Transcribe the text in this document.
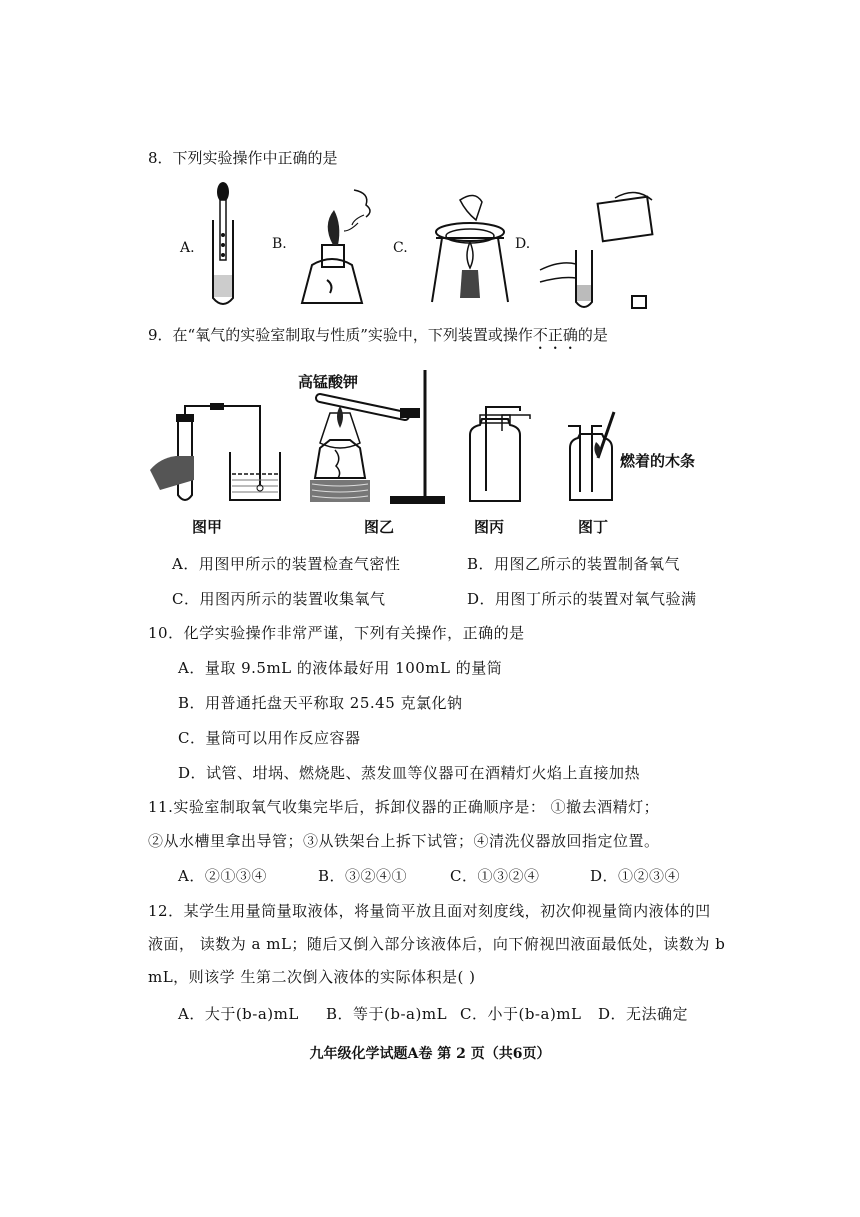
8．下列实验操作中正确的是
A.	B.	C.	D.
9．在“氧气的实验室制取与性质”实验中，下列装置或操作不正确的是
高锰酸钾
燃着的木条
图甲	图乙	图丙	图丁
A．用图甲所示的装置检查气密性	B．用图乙所示的装置制备氧气
C．用图丙所示的装置收集氧气	D．用图丁所示的装置对氧气验满
10．化学实验操作非常严谨，下列有关操作，正确的是
A．量取 9.5mL 的液体最好用 100mL 的量筒
B．用普通托盘天平称取 25.45 克氯化钠
C．量筒可以用作反应容器
D．试管、坩埚、燃烧匙、蒸发皿等仪器可在酒精灯火焰上直接加热
11.实验室制取氧气收集完毕后，拆卸仪器的正确顺序是： ①撤去酒精灯；
②从水槽里拿出导管；③从铁架台上拆下试管；④清洗仪器放回指定位置。
A．②①③④	B．③②④①	C．①③②④	D．①②③④
12．某学生用量筒量取液体，将量筒平放且面对刻度线，初次仰视量筒内液体的凹
液面， 读数为 a mL；随后又倒入部分该液体后，向下俯视凹液面最低处，读数为 b
mL，则该学 生第二次倒入液体的实际体积是( )
A．大于(b-a)mL B．等于(b-a)mL C．小于(b-a)mL D．无法确定
九年级化学试题A卷 第 2 页（共6页）
